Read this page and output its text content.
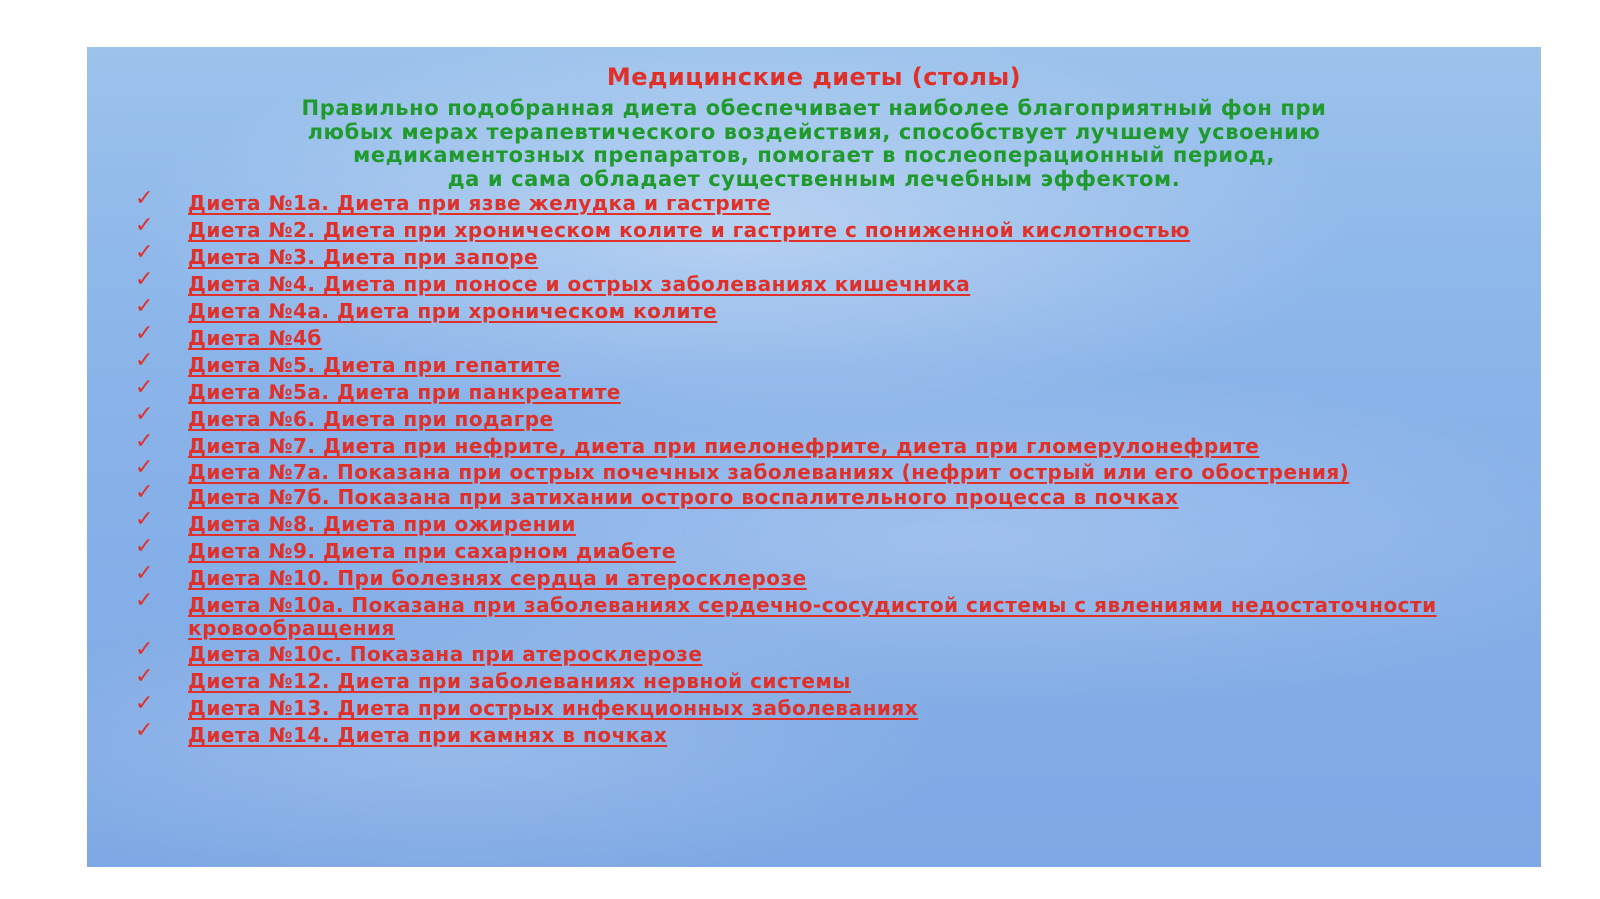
Медицинские диеты (столы)
Правильно подобранная диета обеспечивает наиболее благоприятный фон при
любых мерах терапевтического воздействия, способствует лучшему усвоению
медикаментозных препаратов, помогает в послеоперационный период,
да и сама обладает существенным лечебным эффектом.
✓ Диета №1а. Диета при язве желудка и гастрите
✓ Диета №2. Диета при хроническом колите и гастрите с пониженной кислотностью
✓ Диета №3. Диета при запоре
✓ Диета №4. Диета при поносе и острых заболеваниях кишечника
✓ Диета №4а. Диета при хроническом колите
✓ Диета №4б
✓ Диета №5. Диета при гепатите
✓ Диета №5а. Диета при панкреатите
✓ Диета №6. Диета при подагре
✓ Диета №7. Диета при нефрите, диета при пиелонефрите, диета при гломерулонефрите
✓ Диета №7а. Показана при острых почечных заболеваниях (нефрит острый или его обострения)
✓ Диета №7б. Показана при затихании острого воспалительного процесса в почках
✓ Диета №8. Диета при ожирении
✓ Диета №9. Диета при сахарном диабете
✓ Диета №10. При болезнях сердца и атеросклерозе
✓ Диета №10а. Показана при заболеваниях сердечно-сосудистой системы с явлениями недостаточности кровообращения
✓ Диета №10с. Показана при атеросклерозе
✓ Диета №12. Диета при заболеваниях нервной системы
✓ Диета №13. Диета при острых инфекционных заболеваниях
✓ Диета №14. Диета при камнях в почках
